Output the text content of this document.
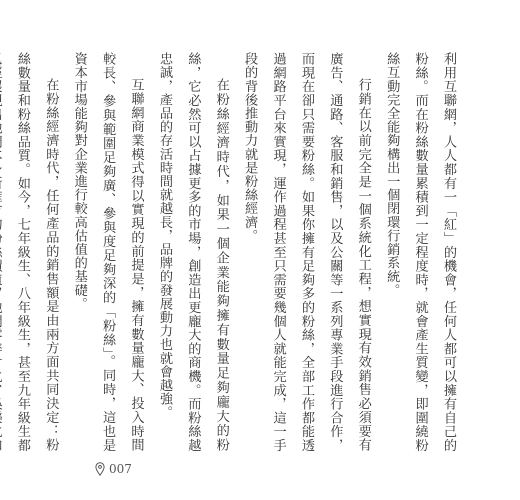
利用互聯網，人人都有一「紅」的機會，任何人都可以擁有自己的粉絲。而在粉絲數量累積到一定程度時，就會產生質變，即圍繞粉絲互動完全能夠構出一個閉環行銷系統。

行銷在以前完全是一個系統化工程，想實現有效銷售必須要有廣告、通路、客服和銷售，以及公關等一系列專業手段進行合作，而現在卻只需要粉絲。如果你擁有足夠多的粉絲，全部工作都能透過網路平台來實現，運作過程甚至只需要幾個人就能完成，這一手段的背後推動力就是粉絲經濟。

在粉絲經濟時代，如果一個企業能夠擁有數量足夠龐大的粉絲，它必然可以占據更多的市場，創造出更龐大的商機。而粉絲越忠誠，產品的存活時間就越長，品牌的發展動力也就會越強。

互聯網商業模式得以實現的前提是，擁有數量龐大、投入時間較長、參與範圍足夠廣、參與度足夠深的「粉絲」。同時，這也是資本市場能夠對企業進行較高估值的基礎。

在粉絲經濟時代，任何產品的銷售額是由兩方面共同決定：粉絲數量和粉絲品質。如今，七年級生、八年級生，甚至九年級生都

007
